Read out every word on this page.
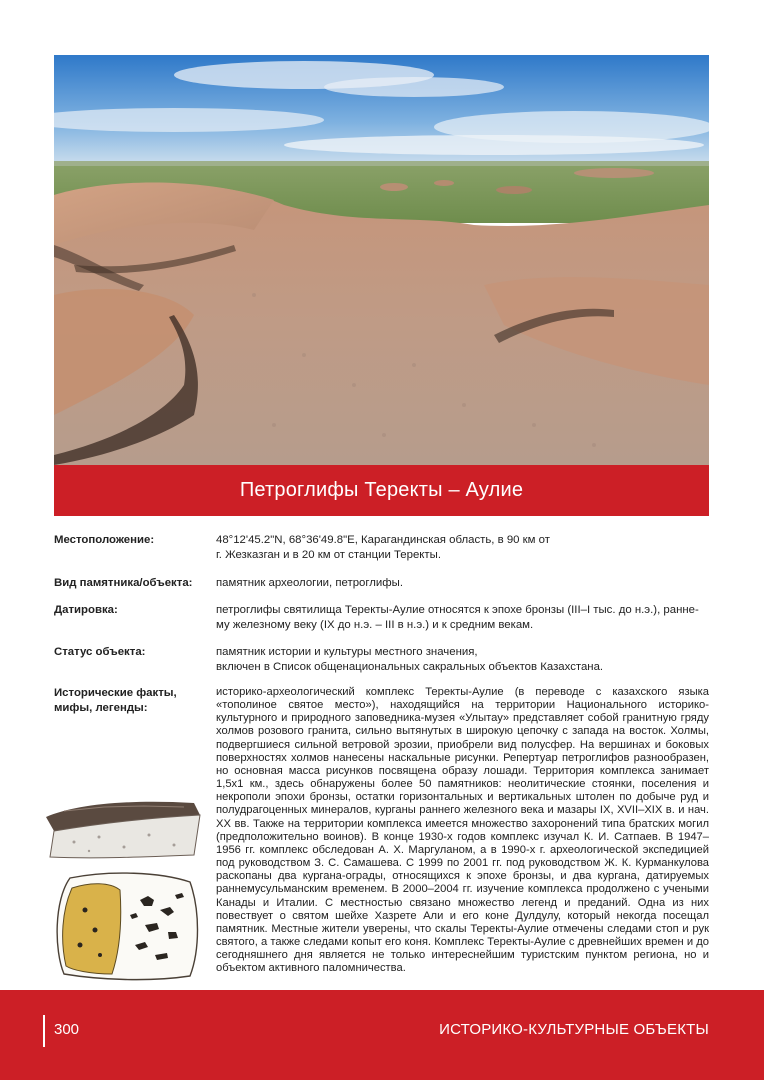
Петроглифы Теректы – Аулие
Местоположение:	48°12'45.2"N, 68°36'49.8"E, Карагандинская область, в 90 км от

г. Жезказган и в 20 км от станции Теректы.

Вид памятника/объекта:	памятник археологии, петроглифы.

Датировка:	петроглифы святилища Теректы-Аулие относятся к эпохе бронзы (III–I тыс. до н.э.), ранне-

му железному веку (IX до н.э. – III в н.э.) и к средним векам.

Статус объекта:	памятник истории и культуры местного значения,

включен в Список общенациональных сакральных объектов Казахстана.

Исторические факты,
мифы, легенды:
историко-археологический комплекс Теректы-Аулие (в переводе с казахского языка «тополиное святое место»), находящийся на территории Национального историко-культурного и природного заповедника-музея «Улытау» представляет собой гранитную гряду холмов розового гранита, сильно вытянутых в широкую цепочку с запада на восток. Холмы, подвергшиеся сильной ветровой эрозии, приобрели вид полусфер. На вершинах и боковых поверхностях холмов нанесены наскальные рисунки. Репертуар петроглифов разнообразен, но основная масса рисунков посвящена образу лошади. Территория комплекса занимает 1,5х1 км., здесь обнаружены более 50 памятников: неолитические стоянки, поселения и некрополи эпохи бронзы, остатки горизонтальных и вертикальных штолен по добыче руд и полудрагоценных минералов, курганы раннего железного века и мазары IX, XVII–XIX в. и нач. XX вв. Также на территории комплекса имеется множество захоронений типа братских могил (предположительно воинов). В конце 1930-х годов комплекс изучал К. И. Сатпаев. В 1947–1956 гг. комплекс обследован А. Х. Маргуланом, а в 1990-х г. археологической экспедицией под руководством З. С. Самашева. С 1999 по 2001 гг. под руководством Ж. К. Курманкулова раскопаны два кургана-ограды, относящихся к эпохе бронзы, и два кургана, датируемых раннемусульманским временем. В 2000–2004 гг. изучение комплекса продолжено с учеными Канады и Италии. С местностью связано множество легенд и преданий. Одна из них повествует о святом шейхе Хазрете Али и его коне Дулдулу, который некогда посещал памятник. Местные жители уверены, что скалы Теректы-Аулие отмечены следами стоп и рук святого, а также следами копыт его коня. Комплекс Теректы-Аулие с древнейших времен и до сегодняшнего дня является не только интереснейшим туристским пунктом региона, но и объектом активного паломничества.
300	ИСТОРИКО-КУЛЬТУРНЫЕ ОБЪЕКТЫ
